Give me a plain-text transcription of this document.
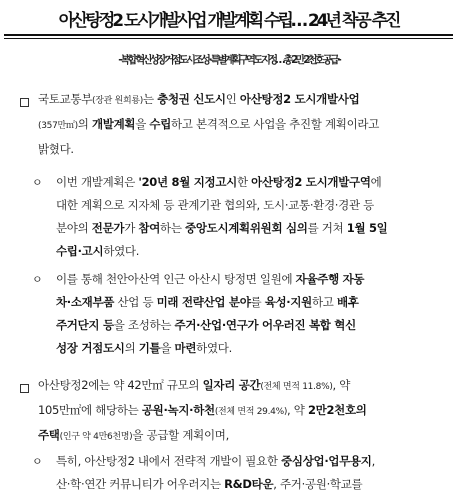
아산탕정2 도시개발사업 개발계획 수립… 24년 착공 추진
- 복합 혁신성장 거점도시 조성 · 특별계획구역도 지정… 총 2만 2천호 공급 -
국토교통부(장관 원희룡)는 충청권 신도시인 아산탕정2 도시개발사업
(357만㎡)의 개발계획을 수립하고 본격적으로 사업을 추진할 계획이라고
밝혔다.
ㅇ 이번 개발계획은 '20년 8월 지정고시한 아산탕정2 도시개발구역에
대한 계획으로 지자체 등 관계기관 협의와, 도시·교통·환경·경관 등
분야의 전문가가 참여하는 중앙도시계획위원회 심의를 거쳐 1월 5일
수립·고시하였다.
ㅇ 이를 통해 천안아산역 인근 아산시 탕정면 일원에 자율주행 자동
차·소재부품 산업 등 미래 전략산업 분야를 육성·지원하고 배후
주거단지 등을 조성하는 주거·산업·연구가 어우러진 복합 혁신
성장 거점도시의 기틀을 마련하였다.
아산탕정2에는 약 42만㎡ 규모의 일자리 공간(전체 면적 11.8%), 약
105만㎡에 해당하는 공원·녹지·하천(전체 면적 29.4%), 약 2만2천호의
주택(인구 약 4만6천명)을 공급할 계획이며,
ㅇ 특히, 아산탕정2 내에서 전략적 개발이 필요한 중심상업·업무용지,
산·학·연간 커뮤니티가 어우러지는 R&D타운, 주거·공원·학교를
